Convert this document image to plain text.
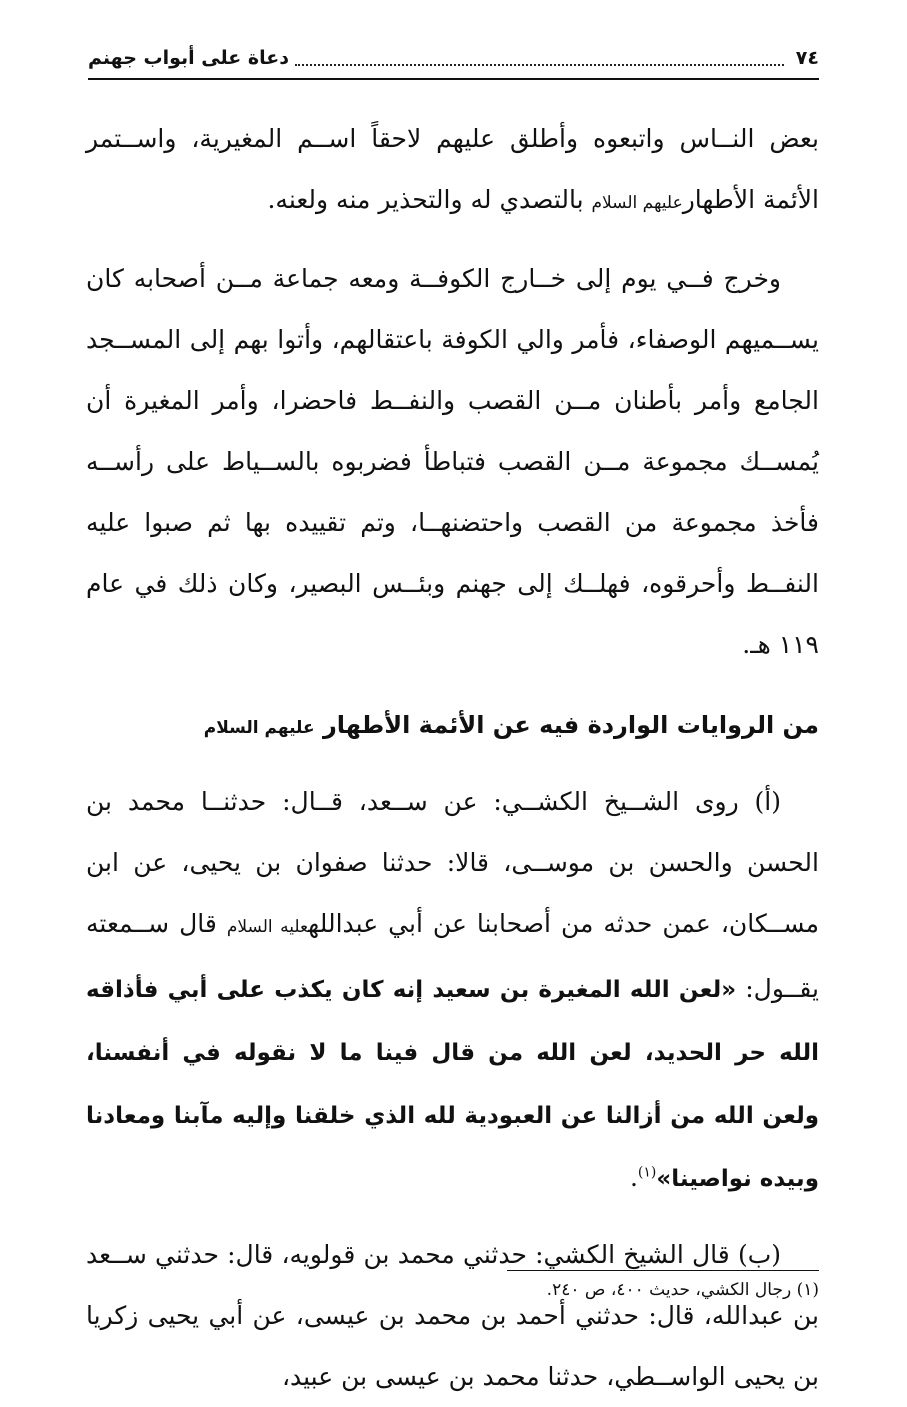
٧٤
دعاة على أبواب جهنم

بعض النــاس واتبعوه وأطلق عليهم لاحقاً اســم المغيرية، واســتمر الأئمة الأطهارعليهم السلام بالتصدي له والتحذير منه ولعنه.

وخرج فــي يوم إلى خــارج الكوفــة ومعه جماعة مــن أصحابه كان يســميهم الوصفاء، فأمر والي الكوفة باعتقالهم، وأتوا بهم إلى المســجد الجامع وأمر بأطنان مــن القصب والنفــط فاحضرا، وأمر المغيرة أن يُمســك مجموعة مــن القصب فتباطأ فضربوه بالســياط على رأســه فأخذ مجموعة من القصب واحتضنهــا، وتم تقييده بها ثم صبوا عليه النفــط وأحرقوه، فهلــك إلى جهنم وبئــس البصير، وكان ذلك في عام ١١٩ هـ.

من الروايات الواردة فيه عن الأئمة الأطهار عليهم السلام

(أ) روى الشــيخ الكشــي: عن ســعد، قــال: حدثنــا محمد بن الحسن والحسن بن موســى، قالا: حدثنا صفوان بن يحيى، عن ابن مســكان، عمن حدثه من أصحابنا عن أبي عبداللهعليه السلام قال ســمعته يقــول: «لعن الله المغيرة بن سعيد إنه كان يكذب على أبي فأذاقه الله حر الحديد، لعن الله من قال فينا ما لا نقوله في أنفسنا، ولعن الله من أزالنا عن العبودية لله الذي خلقنا وإليه مآبنا ومعادنا وبيده نواصينا»$^{(١)}$.

(ب) قال الشيخ الكشي: حدثني محمد بن قولويه، قال: حدثني ســعد بن عبدالله، قال: حدثني أحمد بن محمد بن عيسى، عن أبي يحيى زكريا بن يحيى الواســطي، حدثنا محمد بن عيسى بن عبيد،

(١) رجال الكشي، حديث ٤٠٠، ص ٢٤٠.
